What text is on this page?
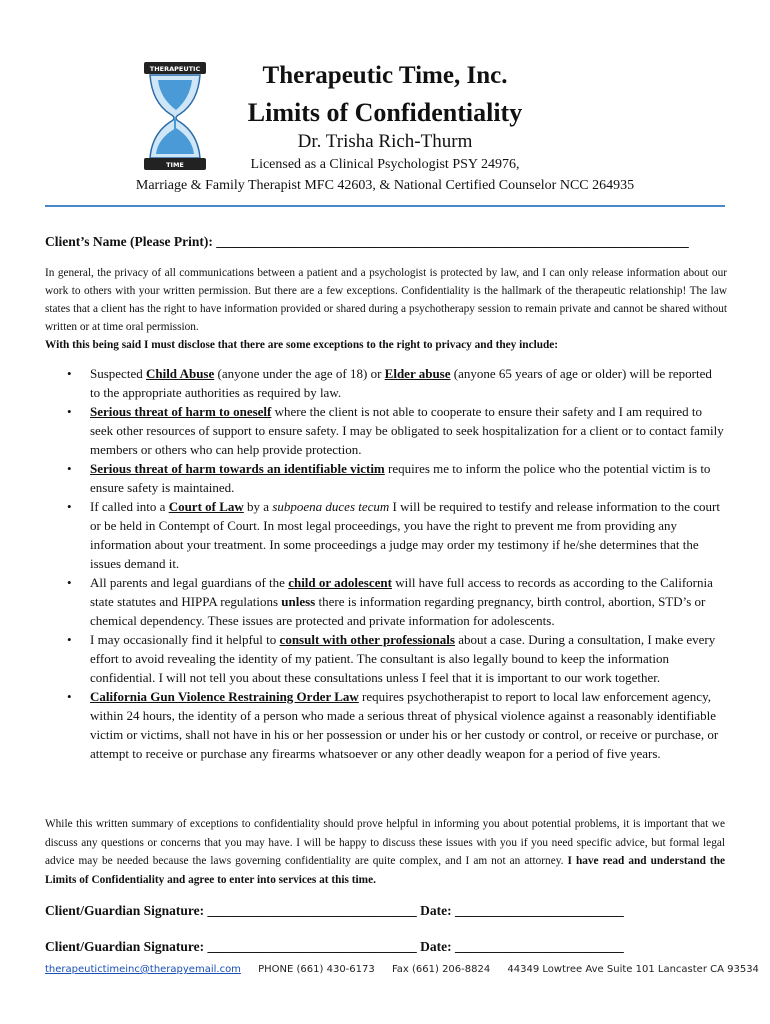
THERAPEUTIC
TIME
Therapeutic Time, Inc.
Limits of Confidentiality
Dr. Trisha Rich-Thurm
Licensed as a Clinical Psychologist PSY 24976,
Marriage & Family Therapist MFC 42603, & National Certified Counselor NCC 264935
Client’s Name (Please Print): ______________________________________________________________________
In general, the privacy of all communications between a patient and a psychologist is protected by law, and I can only release information about our work to others with your written permission. But there are a few exceptions. Confidentiality is the hallmark of the therapeutic relationship! The law states that a client has the right to have information provided or shared during a psychotherapy session to remain private and cannot be shared without written or at time oral permission.
With this being said I must disclose that there are some exceptions to the right to privacy and they include:
• Suspected Child Abuse (anyone under the age of 18) or Elder abuse (anyone 65 years of age or older) will be reported to the appropriate authorities as required by law.
• Serious threat of harm to oneself where the client is not able to cooperate to ensure their safety and I am required to seek other resources of support to ensure safety. I may be obligated to seek hospitalization for a client or to contact family members or others who can help provide protection.
• Serious threat of harm towards an identifiable victim requires me to inform the police who the potential victim is to ensure safety is maintained.
• If called into a Court of Law by a subpoena duces tecum I will be required to testify and release information to the court or be held in Contempt of Court. In most legal proceedings, you have the right to prevent me from providing any information about your treatment. In some proceedings a judge may order my testimony if he/she determines that the issues demand it.
• All parents and legal guardians of the child or adolescent will have full access to records as according to the California state statutes and HIPPA regulations unless there is information regarding pregnancy, birth control, abortion, STD’s or chemical dependency. These issues are protected and private information for adolescents.
• I may occasionally find it helpful to consult with other professionals about a case. During a consultation, I make every effort to avoid revealing the identity of my patient. The consultant is also legally bound to keep the information confidential. I will not tell you about these consultations unless I feel that it is important to our work together.
• California Gun Violence Restraining Order Law requires psychotherapist to report to local law enforcement agency, within 24 hours, the identity of a person who made a serious threat of physical violence against a reasonably identifiable victim or victims, shall not have in his or her possession or under his or her custody or control, or receive or purchase, or attempt to receive or purchase any firearms whatsoever or any other deadly weapon for a period of five years.
While this written summary of exceptions to confidentiality should prove helpful in informing you about potential problems, it is important that we discuss any questions or concerns that you may have. I will be happy to discuss these issues with you if you need specific advice, but formal legal advice may be needed because the laws governing confidentiality are quite complex, and I am not an attorney. I have read and understand the Limits of Confidentiality and agree to enter into services at this time.
Client/Guardian Signature: _______________________________ Date: _________________________
Client/Guardian Signature: _______________________________ Date: _________________________
therapeutictimeinc@therapyemail.com PHONE (661) 430-6173 Fax (661) 206-8824 44349 Lowtree Ave Suite 101 Lancaster CA 93534
